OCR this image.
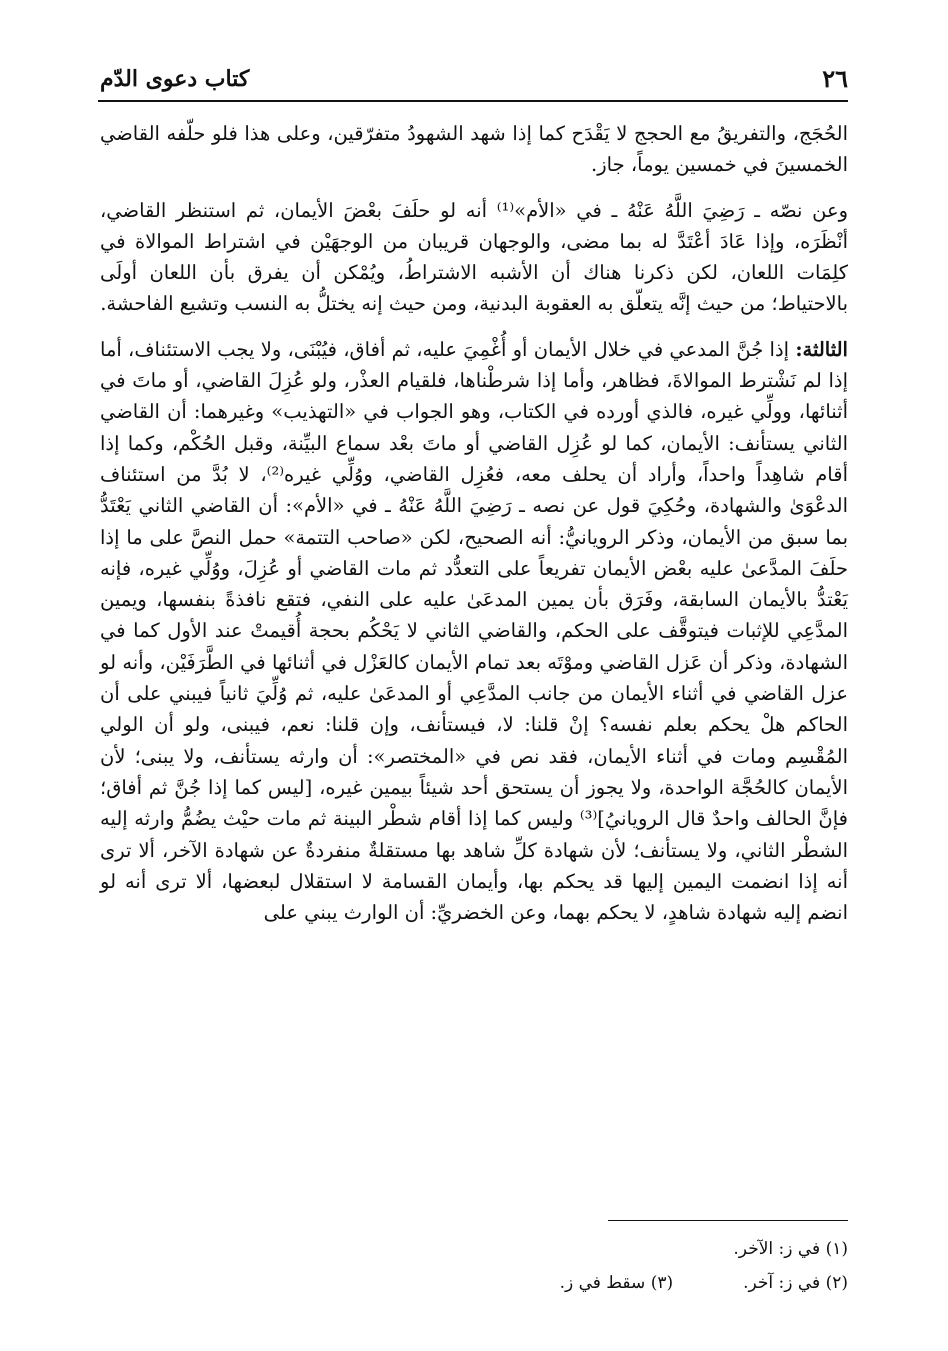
٢٦
كتاب دعوى الدّم

الحُجَج، والتفريقُ مع الحجج لا يَقْدَح كما إذا شهد الشهودُ متفرّقين، وعلى هذا فلو حلّفه القاضي الخمسينَ في خمسين يوماً، جاز.

وعن نصّه ـ رَضِيَ اللَّهُ عَنْهُ ـ في «الأم»⁽¹⁾ أنه لو حلَفَ بعْضَ الأيمان، ثم استنظر القاضي، أنْظَرَه، وإذا عَادَ أعْتَدَّ له بما مضى، والوجهان قريبان من الوجهَيْن في اشتراط الموالاة في كلِمَات اللعان، لكن ذكرنا هناك أن الأشبه الاشتراطُ، ويُمْكن أن يفرق بأن اللعان أولَى بالاحتياط؛ من حيث إنَّه يتعلّق به العقوبة البدنية، ومن حيث إنه يختلُّ به النسب وتشيع الفاحشة.

الثالثة: إذا جُنَّ المدعي في خلال الأيمان أو أُغْمِيَ عليه، ثم أفاق، فيُبْنَى، ولا يجب الاستئناف، أما إذا لم نَشْترط الموالاةَ، فظاهر، وأما إذا شرطْناها، فلقيام العذْر، ولو عُزِلَ القاضي، أو ماتَ في أثنائها، وولِّي غيره، فالذي أورده في الكتاب، وهو الجواب في «التهذيب» وغيرهما: أن القاضي الثاني يستأنف: الأيمان، كما لو عُزِل القاضي أو ماتَ بعْد سماع البيِّنة، وقبل الحُكْم، وكما إذا أقام شاهِداً واحداً، وأراد أن يحلف معه، فعُزِل القاضي، ووُلِّي غيره⁽²⁾، لا بُدَّ من استئناف الدعْوَىٰ والشهادة، وحُكِيَ قول عن نصه ـ رَضِيَ اللَّهُ عَنْهُ ـ في «الأم»: أن القاضي الثاني يَعْتَدُّ بما سبق من الأيمان، وذكر الرويانيُّ: أنه الصحيح، لكن «صاحب التتمة» حمل النصَّ على ما إذا حلَفَ المدَّعىٰ عليه بعْض الأيمان تفريعاً على التعدُّد ثم مات القاضي أو عُزِلَ، ووُلِّي غيره، فإنه يَعْتدُّ بالأيمان السابقة، وفَرَق بأن يمين المدعَىٰ عليه على النفي، فتقع نافذةً بنفسها، ويمين المدَّعِي للإثبات فيتوقَّف على الحكم، والقاضي الثاني لا يَحْكُم بحجة أُقيمتْ عند الأول كما في الشهادة، وذكر أن عَزل القاضي وموْتَه بعد تمام الأيمان كالعَزْل في أثنائها في الطَّرَفَيْن، وأنه لو عزل القاضي في أثناء الأيمان من جانب المدَّعِي أو المدعَىٰ عليه، ثم وُلِّيَ ثانياً فيبني على أن الحاكم هلْ يحكم بعلم نفسه؟ إنْ قلنا: لا، فيستأنف، وإن قلنا: نعم، فيبنى، ولو أن الولي المُقْسِم ومات في أثناء الأيمان، فقد نص في «المختصر»: أن وارثه يستأنف، ولا يبنى؛ لأن الأيمان كالحُجَّة الواحدة، ولا يجوز أن يستحق أحد شيئاً بيمين غيره، [ليس كما إذا جُنَّ ثم أفاق؛ فإنَّ الحالف واحدٌ قال الرويانيُ]⁽³⁾ وليس كما إذا أقام شطْر البينة ثم مات حيْث يضُمُّ وارثه إليه الشطْر الثاني، ولا يستأنف؛ لأن شهادة كلِّ شاهد بها مستقلةٌ منفردةٌ عن شهادة الآخر، ألا ترى أنه إذا انضمت اليمين إليها قد يحكم بها، وأيمان القسامة لا استقلال لبعضها، ألا ترى أنه لو انضم إليه شهادة شاهدٍ، لا يحكم بهما، وعن الخضريِّ: أن الوارث يبني على

(١) في ز: الآخر.
(٢) في ز: آخر.
(٣) سقط في ز.
